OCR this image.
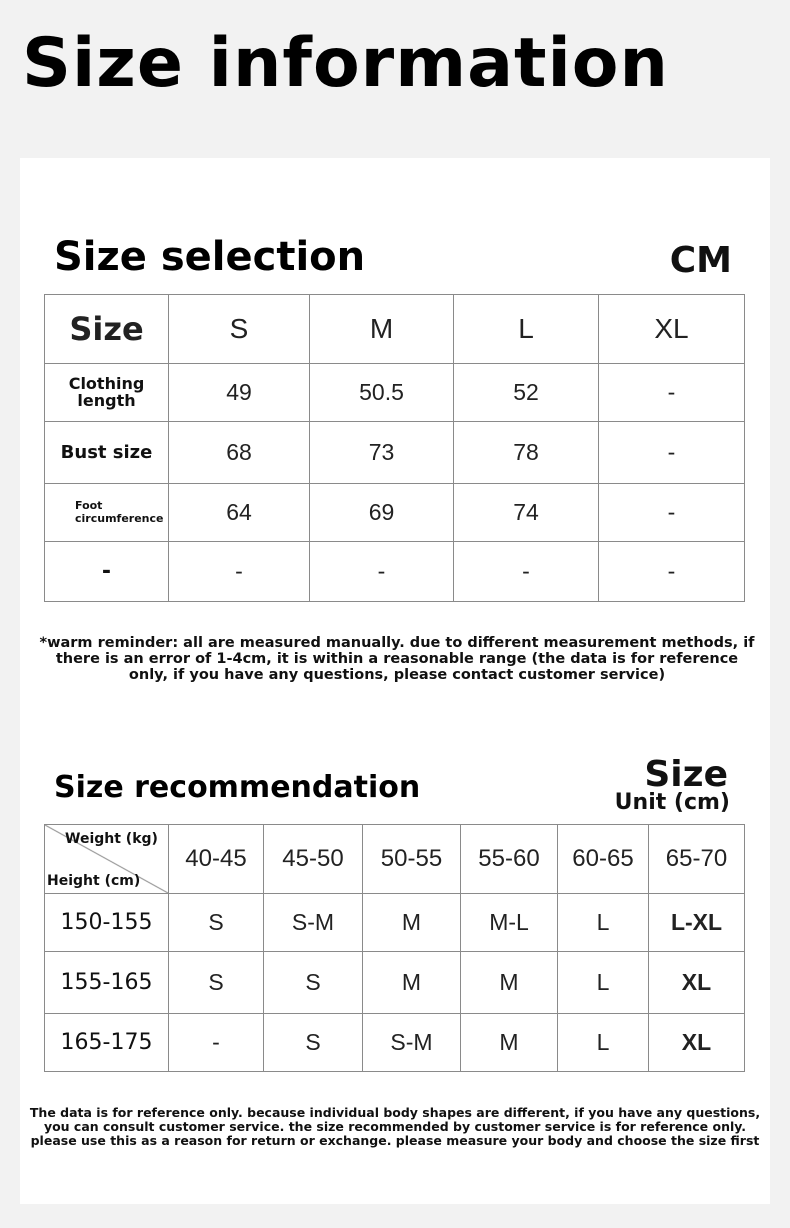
Size information
Size selection	CM
Size	S	M	L	XL
Clothing length	49	50.5	52	-
Bust size	68	73	78	-
Foot circumference	64	69	74	-
-	-	-	-	-
*warm reminder: all are measured manually. due to different measurement methods, if there is an error of 1-4cm, it is within a reasonable range (the data is for reference only, if you have any questions, please contact customer service)
Size recommendation	Size
Unit (cm)
Weight (kg)
Height (cm)	40-45	45-50	50-55	55-60	60-65	65-70
150-155	S	S-M	M	M-L	L	L-XL
155-165	S	S	M	M	L	XL
165-175	-	S	S-M	M	L	XL
The data is for reference only. because individual body shapes are different, if you have any questions, you can consult customer service. the size recommended by customer service is for reference only. please use this as a reason for return or exchange. please measure your body and choose the size first
